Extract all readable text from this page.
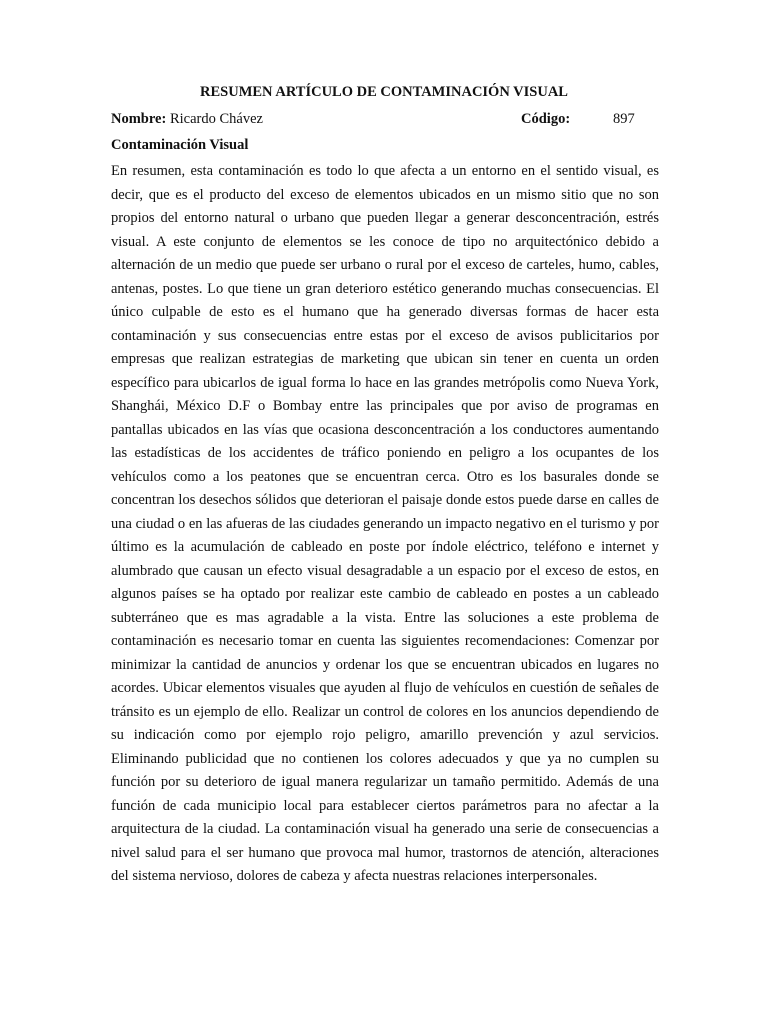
RESUMEN ARTÍCULO DE CONTAMINACIÓN VISUAL
Nombre: Ricardo Chávez	Código:	897
Contaminación Visual

En resumen, esta contaminación es todo lo que afecta a un entorno en el sentido visual, es decir, que es el producto del exceso de elementos ubicados en un mismo sitio que no son propios del entorno natural o urbano que pueden llegar a generar desconcentración, estrés visual. A este conjunto de elementos se les conoce de tipo no arquitectónico debido a alternación de un medio que puede ser urbano o rural por el exceso de carteles, humo, cables, antenas, postes. Lo que tiene un gran deterioro estético generando muchas consecuencias. El único culpable de esto es el humano que ha generado diversas formas de hacer esta contaminación y sus consecuencias entre estas por el exceso de avisos publicitarios por empresas que realizan estrategias de marketing que ubican sin tener en cuenta un orden específico para ubicarlos de igual forma lo hace en las grandes metrópolis como Nueva York, Shanghái, México D.F o Bombay entre las principales que por aviso de programas en pantallas ubicados en las vías que ocasiona desconcentración a los conductores aumentando las estadísticas de los accidentes de tráfico poniendo en peligro a los ocupantes de los vehículos como a los peatones que se encuentran cerca. Otro es los basurales donde se concentran los desechos sólidos que deterioran el paisaje donde estos puede darse en calles de una ciudad o en las afueras de las ciudades generando un impacto negativo en el turismo y por último es la acumulación de cableado en poste por índole eléctrico, teléfono e internet y alumbrado que causan un efecto visual desagradable a un espacio por el exceso de estos, en algunos países se ha optado por realizar este cambio de cableado en postes a un cableado subterráneo que es mas agradable a la vista. Entre las soluciones a este problema de contaminación es necesario tomar en cuenta las siguientes recomendaciones: Comenzar por minimizar la cantidad de anuncios y ordenar los que se encuentran ubicados en lugares no acordes. Ubicar elementos visuales que ayuden al flujo de vehículos en cuestión de señales de tránsito es un ejemplo de ello. Realizar un control de colores en los anuncios dependiendo de su indicación como por ejemplo rojo peligro, amarillo prevención y azul servicios. Eliminando publicidad que no contienen los colores adecuados y que ya no cumplen su función por su deterioro de igual manera regularizar un tamaño permitido. Además de una función de cada municipio local para establecer ciertos parámetros para no afectar a la arquitectura de la ciudad. La contaminación visual ha generado una serie de consecuencias a nivel salud para el ser humano que provoca mal humor, trastornos de atención, alteraciones del sistema nervioso, dolores de cabeza y afecta nuestras relaciones interpersonales.
